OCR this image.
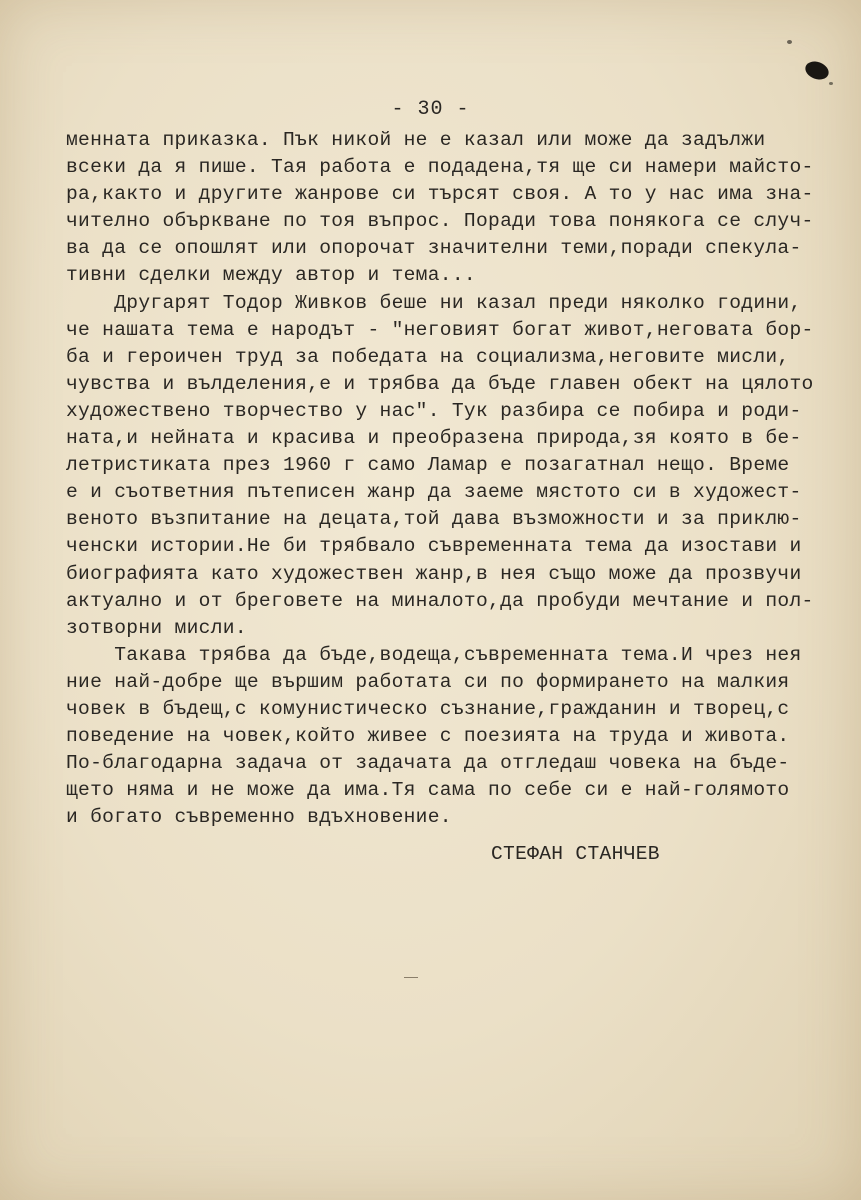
- 30 -
менната приказка. Пък никой не е казал или може да задължи
всеки да я пише. Тая работа е подадена,тя ще си намери майсто-
ра,както и другите жанрове си търсят своя. А то у нас има зна-
чително объркване по тоя въпрос. Поради това понякога се случ-
ва да се опошлят или опорочат значителни теми,поради спекула-
тивни сделки между автор и тема...
Другарят Тодор Живков беше ни казал преди няколко години,
че нашата тема е народът - "неговият богат живот,неговата бор-
ба и героичен труд за победата на социализма,неговите мисли,
чувства и вълделения,е и трябва да бъде главен обект на цялото
художествено творчество у нас". Тук разбира се побира и роди-
ната,и нейната и красива и преобразена природа,зя която в бе-
летристиката през 1960 г само Ламар е позагатнал нещо. Време
е и съответния пътеписен жанр да заеме мястото си в художест-
веното възпитание на децата,той дава възможности и за приклю-
ченски истории.Не би трябвало съвременната тема да изостави и
биографията като художествен жанр,в нея също може да прозвучи
актуално и от бреговете на миналото,да пробуди мечтание и пол-
зотворни мисли.
Такава трябва да бъде,водеща,съвременната тема.И чрез нея
ние най-добре ще вършим работата си по формирането на малкия
човек в бъдещ,с комунистическо съзнание,гражданин и творец,с
поведение на човек,който живее с поезията на труда и живота.
По-благодарна задача от задачата да отгледаш човека на бъде-
щето няма и не може да има.Тя сама по себе си е най-голямото
и богато съвременно вдъхновение.
СТЕФАН СТАНЧЕВ
